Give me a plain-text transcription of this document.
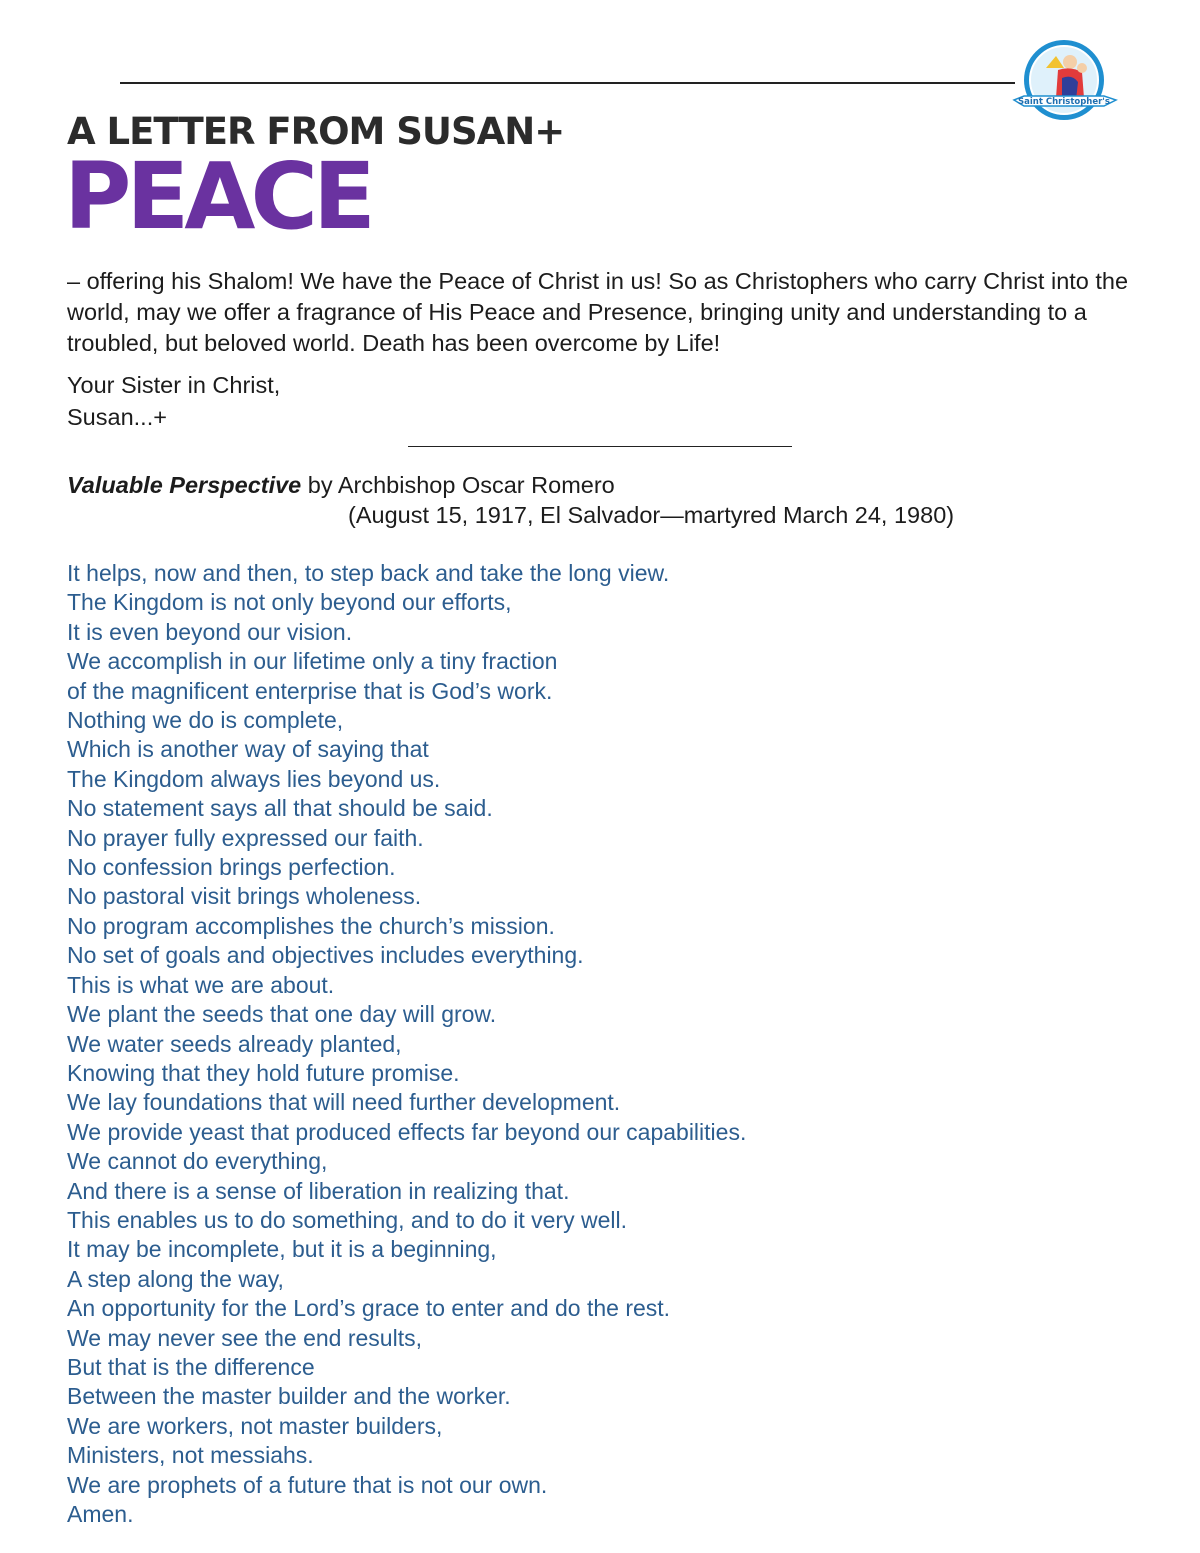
Saint Christopher's
A LETTER FROM SUSAN+
PEACE

– offering his Shalom! We have the Peace of Christ in us! So as Christophers who carry Christ into the world, may we offer a fragrance of His Peace and Presence, bringing unity and understanding to a troubled, but beloved world. Death has been overcome by Life!

Your Sister in Christ,
Susan...+
Valuable Perspective by Archbishop Oscar Romero
(August 15, 1917, El Salvador—martyred March 24, 1980)
It helps, now and then, to step back and take the long view.
The Kingdom is not only beyond our efforts,
It is even beyond our vision.
We accomplish in our lifetime only a tiny fraction
of the magnificent enterprise that is God’s work.
Nothing we do is complete,
Which is another way of saying that
The Kingdom always lies beyond us.
No statement says all that should be said.
No prayer fully expressed our faith.
No confession brings perfection.
No pastoral visit brings wholeness.
No program accomplishes the church’s mission.
No set of goals and objectives includes everything.
This is what we are about.
We plant the seeds that one day will grow.
We water seeds already planted,
Knowing that they hold future promise.
We lay foundations that will need further development.
We provide yeast that produced effects far beyond our capabilities.
We cannot do everything,
And there is a sense of liberation in realizing that.
This enables us to do something, and to do it very well.
It may be incomplete, but it is a beginning,
A step along the way,
An opportunity for the Lord’s grace to enter and do the rest.
We may never see the end results,
But that is the difference
Between the master builder and the worker.
We are workers, not master builders,
Ministers, not messiahs.
We are prophets of a future that is not our own.
Amen.
